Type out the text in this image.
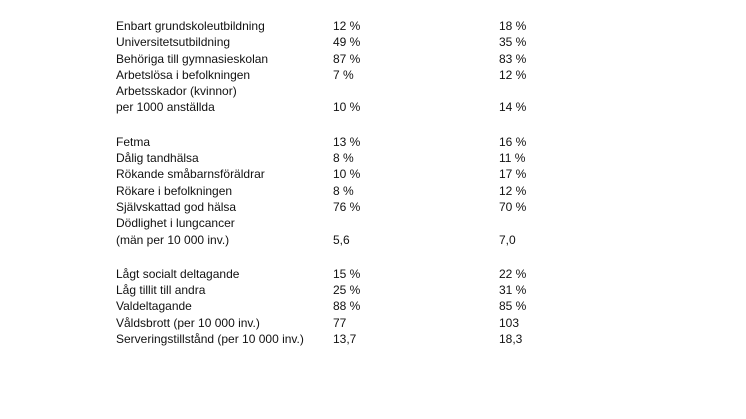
Enbart grundskoleutbildning	12 %	18 %
Universitetsutbildning	49 %	35 %
Behöriga till gymnasieskolan	87 %	83 %
Arbetslösa i befolkningen	7 %	12 %
Arbetsskador (kvinnor)
per 1000 anställda	10 %	14 %
Fetma	13 %	16 %
Dålig tandhälsa	8 %	11 %
Rökande småbarnsföräldrar	10 %	17 %
Rökare i befolkningen	8 %	12 %
Självskattad god hälsa	76 %	70 %
Dödlighet i lungcancer
(män per 10 000 inv.)	5,6	7,0
Lågt socialt deltagande	15 %	22 %
Låg tillit till andra	25 %	31 %
Valdeltagande	88 %	85 %
Våldsbrott (per 10 000 inv.)	77	103
Serveringstillstånd (per 10 000 inv.) 13,7	18,3
